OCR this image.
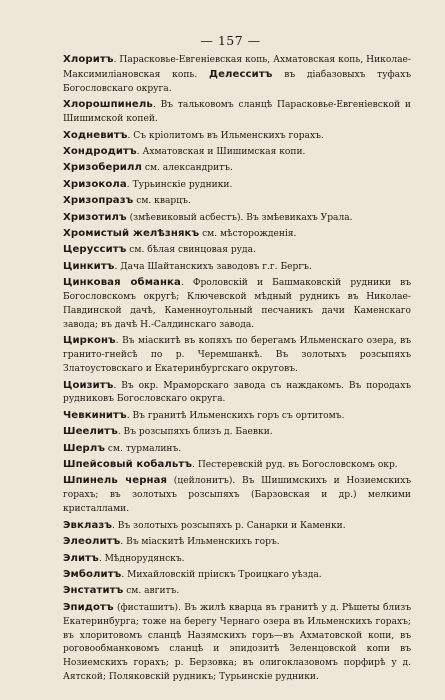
— 157 —

Хлоритъ. Парасковье-Евгеніевская копь, Ахматовская копь, Николае-Максимиліановская копь. Делесситъ въ діабазовыхъ туфахъ Богословскаго округа.

Хлорошпинель. Въ тальковомъ сланцѣ Парасковье-Евгеніевской и Шишимской копей.

Ходневитъ. Съ кріолитомъ въ Ильменскихъ горахъ.

Хондродитъ. Ахматовская и Шишимская копи.

Хризоберилл см. александритъ.

Хризокола. Турьинскіе рудники.

Хризопразъ см. кварцъ.

Хризотилъ (змѣевиковый асбестъ). Въ змѣевикахъ Урала.

Хромистый желѣзнякъ см. мѣсторожденія.

Церусситъ см. бѣлая свинцовая руда.

Цинкитъ. Дача Шайтанскихъ заводовъ г.г. Бергъ.

Цинковая обманка. Фроловскій и Башмаковскій рудники въ Богословскомъ округѣ; Ключевской мѣдный рудникъ въ Николае-Павдинской дачѣ, Каменноугольный песчаникъ дачи Каменскаго завода; въ дачѣ Н.-Салдинскаго завода.

Цирконъ. Въ міаскитѣ въ копяхъ по берегамъ Ильменскаго озера, въ гранито-гнейсѣ по р. Черемшанкѣ. Въ золотыхъ розсыпяхъ Златоустовскаго и Екатеринбургскаго округовъ.

Цоизитъ. Въ окр. Мраморскаго завода съ наждакомъ. Въ породахъ рудниковъ Богословскаго округа.

Чевкинитъ. Въ гранитѣ Ильменскихъ горъ съ ортитомъ.

Шеелитъ. Въ розсыпяхъ близъ д. Баевки.

Шерлъ см. турмалинъ.

Шпейсовый кобальтъ. Пестеревскій руд. въ Богословскомъ окр.

Шпинель черная (цейлонитъ). Въ Шишимскихъ и Нозиемскихъ горахъ; въ золотыхъ розсыпяхъ (Барзовская и др.) мелкими кристаллами.

Эвклазъ. Въ золотыхъ розсыпяхъ р. Санарки и Каменки.

Элеолитъ. Въ міаскитѣ Ильменскихъ горъ.

Элитъ. Мѣднорудянскъ.

Эмболитъ. Михайловскій пріискъ Троицкаго уѣзда.

Энстатитъ см. авгитъ.

Эпидотъ (фисташитъ). Въ жилѣ кварца въ гранитѣ у д. Рѣшеты близъ Екатеринбурга; тоже на берегу Чернаго озера въ Ильменскихъ горахъ; въ хлоритовомъ сланцѣ Назямскихъ горъ—въ Ахматовской копи, въ роговообманковомъ сланцѣ и эпидозитѣ Зеленцовской копи въ Нозиемскихъ горахъ; р. Берзовка; въ олигоклазовомъ порфирѣ у д. Аятской; Поляковскій рудникъ; Турьинскіе рудники.
